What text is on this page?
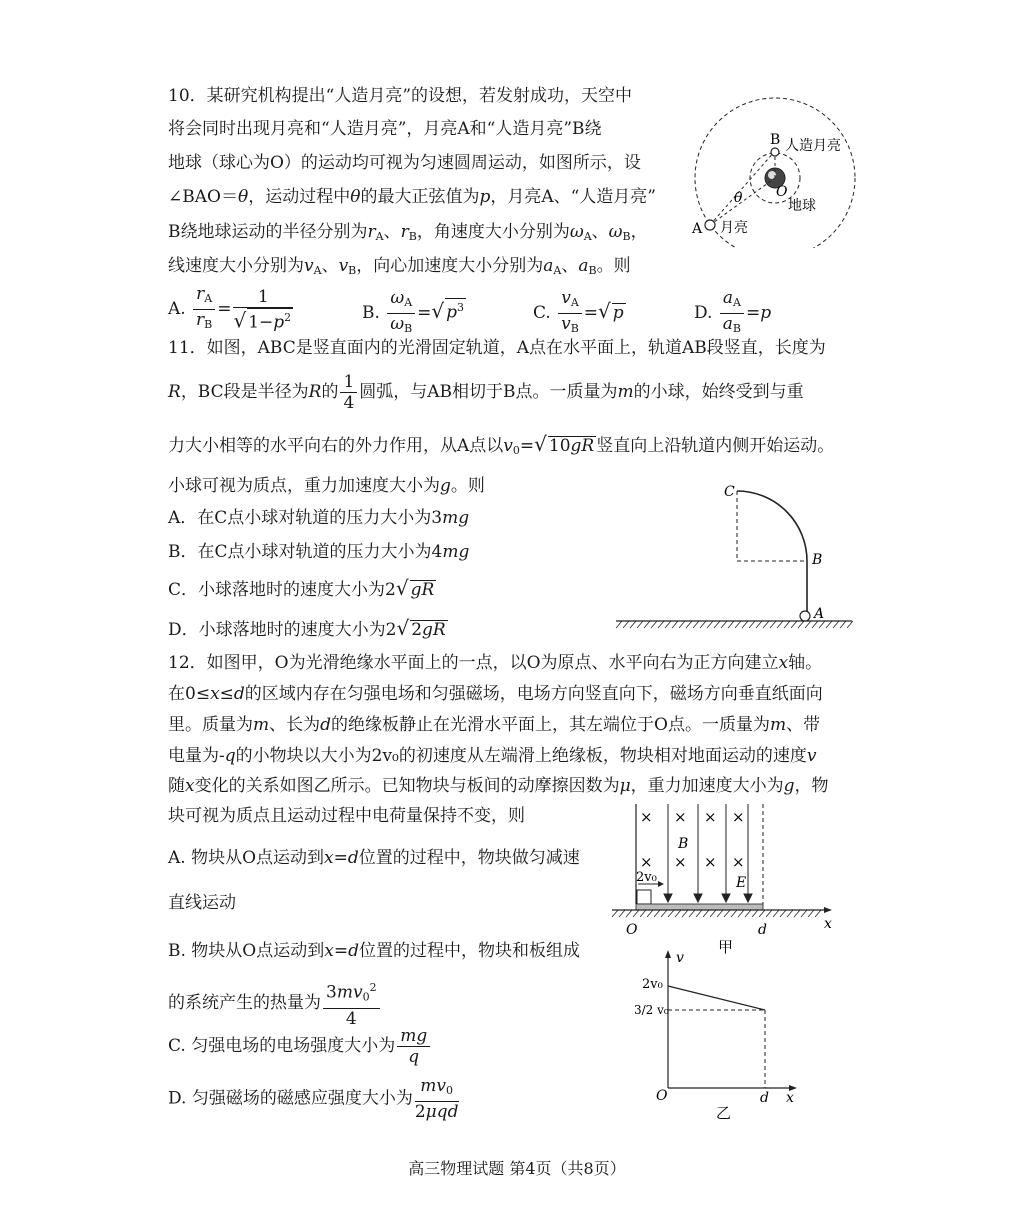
10．某研究机构提出“人造月亮”的设想，若发射成功，天空中
将会同时出现月亮和“人造月亮”，月亮A和“人造月亮”B绕
地球（球心为O）的运动均可视为匀速圆周运动，如图所示，设
∠BAO＝θ，运动过程中θ的最大正弦值为p，月亮A、“人造月亮”
B绕地球运动的半径分别为$r_A$、$r_B$，角速度大小分别为$\omega_A$、$\omega_B$，
线速度大小分别为$v_A$、$v_B$，向心加速度大小分别为$a_A$、$a_B$。则
A. $\frac{r_A}{r_B} = \frac{1}{√ 1-p^2}$	B. $\frac{\omega_A}{\omega_B}$ =√ $p^3$	C. $\frac{v_A}{v_B}$ =√ p	D. $\frac{a_A}{a_B} =p$
B 人造月亮
O
地球
θ
A 月亮
11．如图，ABC是竖直面内的光滑固定轨道，A点在水平面上，轨道AB段竖直，长度为
R，BC段是半径为R的 $\frac{1}{4}$ 圆弧，与AB相切于B点。一质量为m的小球，始终受到与重
力大小相等的水平向右的外力作用，从A点以$v_0=√$ 10gR 竖直向上沿轨道内侧开始运动。
小球可视为质点，重力加速度大小为g。则
A．在C点小球对轨道的压力大小为3mg
B．在C点小球对轨道的压力大小为4mg
C．小球落地时的速度大小为2√ gR
D．小球落地时的速度大小为2√ 2gR
C
B
A
12．如图甲，O为光滑绝缘水平面上的一点，以O为原点、水平向右为正方向建立x轴。
在0≤x≤d的区域内存在匀强电场和匀强磁场，电场方向竖直向下，磁场方向垂直纸面向
里。质量为m、长为d的绝缘板静止在光滑水平面上，其左端位于O点。一质量为m、带
电量为-q的小物块以大小为2v₀的初速度从左端滑上绝缘板，物块相对地面运动的速度v
随x变化的关系如图乙所示。已知物块与板间的动摩擦因数为μ，重力加速度大小为g，物
块可视为质点且运动过程中电荷量保持不变，则
A. 物块从O点运动到x=d位置的过程中，物块做匀减速
直线运动
B. 物块从O点运动到x=d位置的过程中，物块和板组成
的系统产生的热量为 $\frac{3mv_0^2}{4}$
C. 匀强电场的电场强度大小为 $\frac{mg}{q}$
D. 匀强磁场的磁感应强度大小为 $\frac{mv_0}{\text{2μqd}}$
× × × ×
× × × ×
B
E
2v₀
O	d	x
甲
v
2v₀
3/2 v₀
O	d x
乙
高三物理试题 第4页（共8页）
